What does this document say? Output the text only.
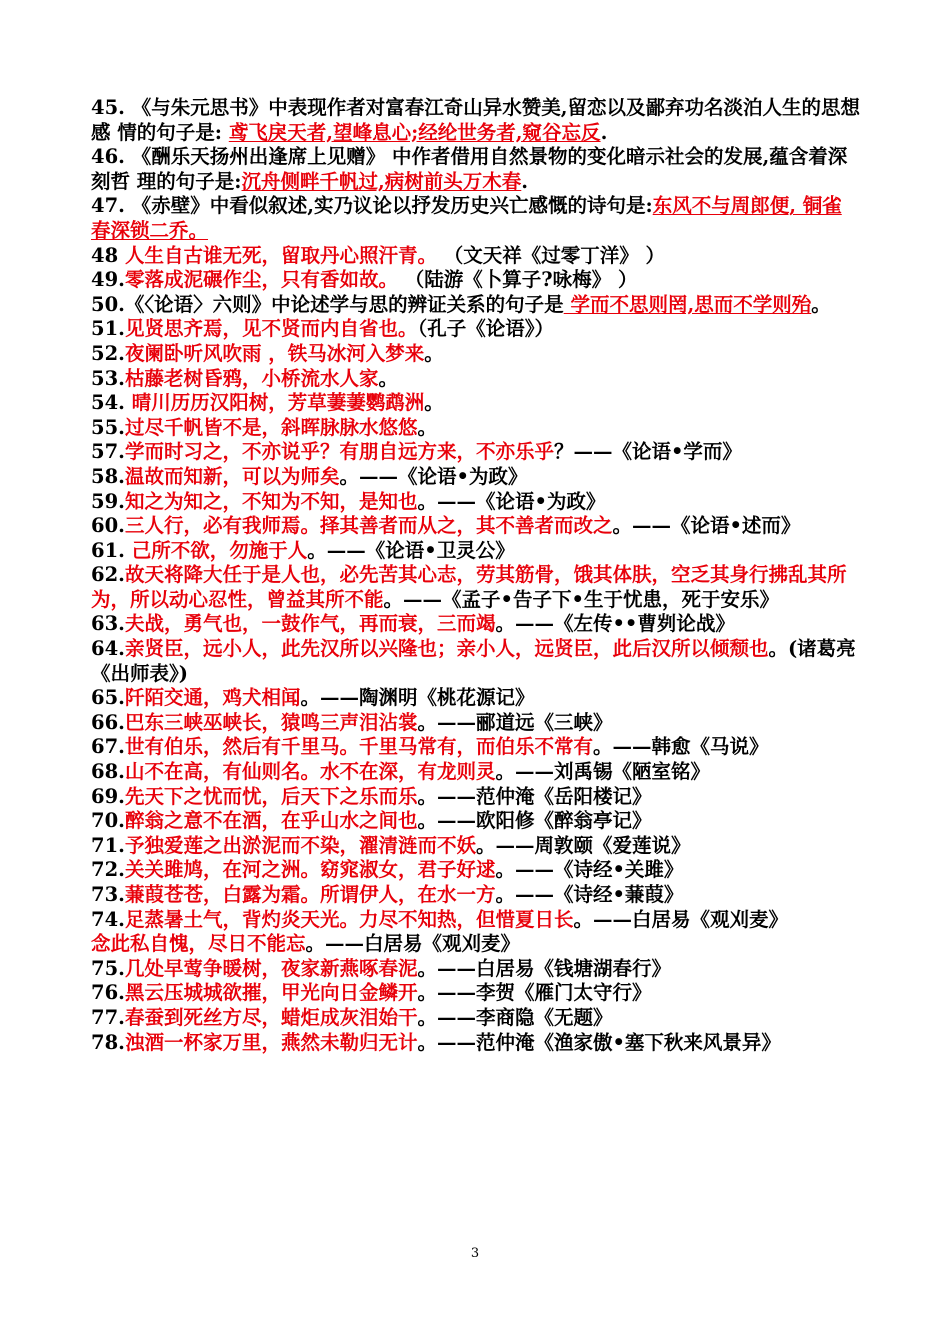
45. 《与朱元思书》中表现作者对富春江奇山异水赞美,留恋以及鄙弃功名淡泊人生的思想感 情的句子是: 鸢飞戾天者,望峰息心;经纶世务者,窥谷忘反.
46. 《酬乐天扬州出逢席上见赠》 中作者借用自然景物的变化暗示社会的发展,蕴含着深刻哲 理的句子是:沉舟侧畔千帆过,病树前头万木春.
47. 《赤壁》中看似叙述,实乃议论以抒发历史兴亡感慨的诗句是:东风不与周郎便, 铜雀春深锁二乔。
48 人生自古谁无死，留取丹心照汗青。 （文天祥《过零丁洋》 ）
49.零落成泥碾作尘，只有香如故。 （陆游《卜算子?咏梅》 ）
50.《〈论语〉六则》中论述学与思的辨证关系的句子是 学而不思则罔,思而不学则殆。
51.见贤思齐焉，见不贤而内自省也。（孔子《论语》）
52.夜阑卧听风吹雨 ，铁马冰河入梦来。
53.枯藤老树昏鸦，小桥流水人家。
54. 晴川历历汉阳树，芳草萋萋鹦鹉洲。
55.过尽千帆皆不是，斜晖脉脉水悠悠。
57.学而时习之，不亦说乎？有朋自远方来，不亦乐乎？——《论语•学而》
58.温故而知新，可以为师矣。——《论语•为政》
59.知之为知之，不知为不知，是知也。——《论语•为政》
60.三人行，必有我师焉。择其善者而从之，其不善者而改之。——《论语•述而》
61. 己所不欲，勿施于人。——《论语•卫灵公》
62.故天将降大任于是人也，必先苦其心志，劳其筋骨，饿其体肤，空乏其身行拂乱其所为，所以动心忍性，曾益其所不能。——《孟子•告子下•生于忧患，死于安乐》
63.夫战，勇气也，一鼓作气，再而衰，三而竭。——《左传••曹刿论战》
64.亲贤臣，远小人，此先汉所以兴隆也；亲小人，远贤臣，此后汉所以倾颓也。(诸葛亮《出师表》)
65.阡陌交通，鸡犬相闻。——陶渊明《桃花源记》
66.巴东三峡巫峡长，猿鸣三声泪沾裳。——郦道远《三峡》
67.世有伯乐，然后有千里马。千里马常有，而伯乐不常有。——韩愈《马说》
68.山不在高，有仙则名。水不在深，有龙则灵。——刘禹锡《陋室铭》
69.先天下之忧而忧，后天下之乐而乐。——范仲淹《岳阳楼记》
70.醉翁之意不在酒，在乎山水之间也。——欧阳修《醉翁亭记》
71.予独爱莲之出淤泥而不染，濯清涟而不妖。——周敦颐《爱莲说》
72.关关雎鸠，在河之洲。窈窕淑女，君子好逑。——《诗经•关雎》
73.蒹葭苍苍，白露为霜。所谓伊人，在水一方。——《诗经•蒹葭》
74.足蒸暑土气，背灼炎天光。力尽不知热，但惜夏日长。——白居易《观刈麦》
念此私自愧，尽日不能忘。——白居易《观刈麦》
75.几处早莺争暖树，夜家新燕啄春泥。——白居易《钱塘湖春行》
76.黑云压城城欲摧，甲光向日金鳞开。——李贺《雁门太守行》
77.春蚕到死丝方尽，蜡炬成灰泪始干。——李商隐《无题》
78.浊酒一杯家万里，燕然未勒归无计。——范仲淹《渔家傲•塞下秋来风景异》
3
